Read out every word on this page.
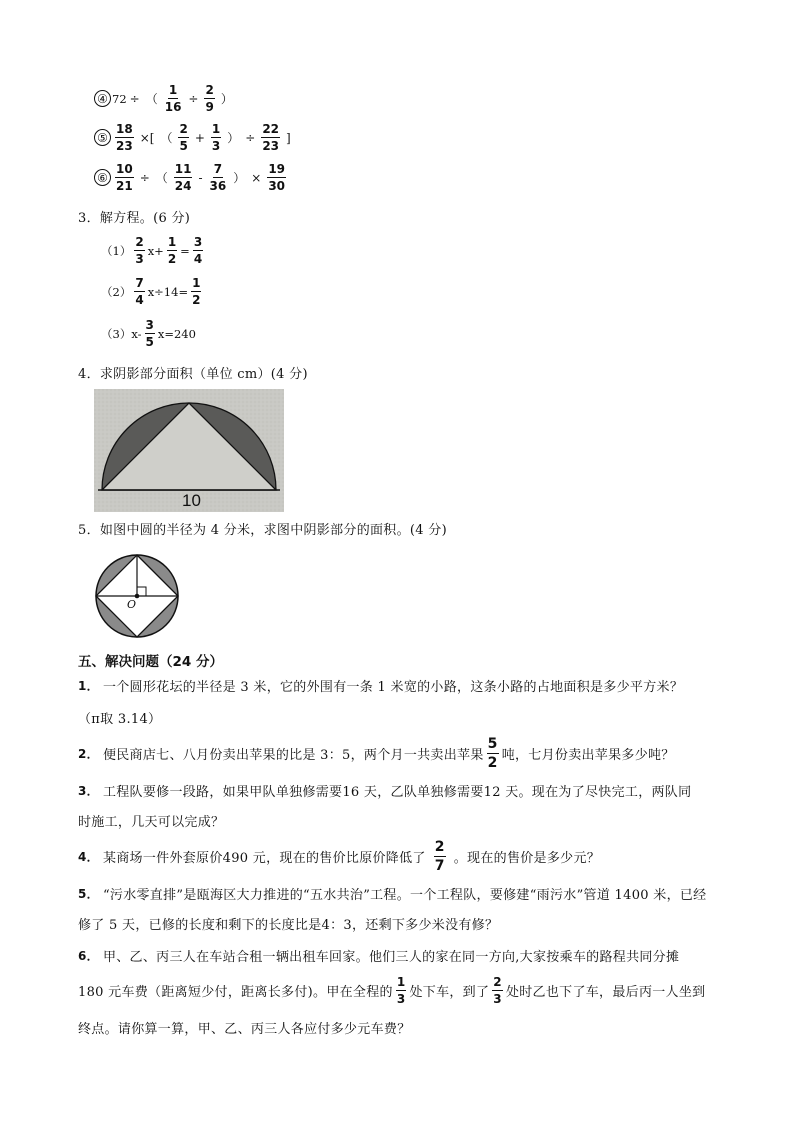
④ 72 ÷ （ $\frac{1}{16} \div \frac{2}{9}$ ）
⑤ $\frac{18}{23}$ ×[ （ $\frac{2}{5} + \frac{1}{3}$ ） ÷ $\frac{22}{23}$ ]
⑥ $\frac{10}{21}$ ÷ （ $\frac{11}{24} - \frac{7}{36}$ ） × $\frac{19}{30}$
3．解方程。(6 分)
$(1) \frac{2}{3} x+ \frac{1}{2} = \frac{3}{4}$
$(2) \frac{7}{4} x\div 14= \frac{1}{2}$
（3） $x- \frac{3}{5} x=240$
4．求阴影部分面积（单位 cm）(4 分)
10
5．如图中圆的半径为 4 分米，求图中阴影部分的面积。(4 分)
O
五、解决问题（24 分）
1． 一个圆形花坛的半径是 3 米，它的外围有一条 1 米宽的小路，这条小路的占地面积是多少平方米？
（π取 3.14）
2． 便民商店七、八月份卖出苹果的比是 3：5，两个月一共卖出苹果 $\frac{5}{2}$ 吨，七月份卖出苹果多少吨？
3． 工程队要修一段路，如果甲队单独修需要16 天，乙队单独修需要12 天。现在为了尽快完工，两队同
时施工，几天可以完成？
4． 某商场一件外套原价490 元，现在的售价比原价降低了 $\frac{2}{7}$ 。现在的售价是多少元？
5． “污水零直排”是瓯海区大力推进的“五水共治”工程。一个工程队，要修建“雨污水”管道 1400 米，已经
修了 5 天，已修的长度和剩下的长度比是4：3，还剩下多少米没有修？
6． 甲、乙、丙三人在车站合租一辆出租车回家。他们三人的家在同一方向,大家按乘车的路程共同分摊
180 元车费（距离短少付，距离长多付)。甲在全程的 $\frac{1}{3}$ 处下车，到了 $\frac{2}{3}$ 处时乙也下了车，最后丙一人坐到
终点。请你算一算，甲、乙、丙三人各应付多少元车费？
